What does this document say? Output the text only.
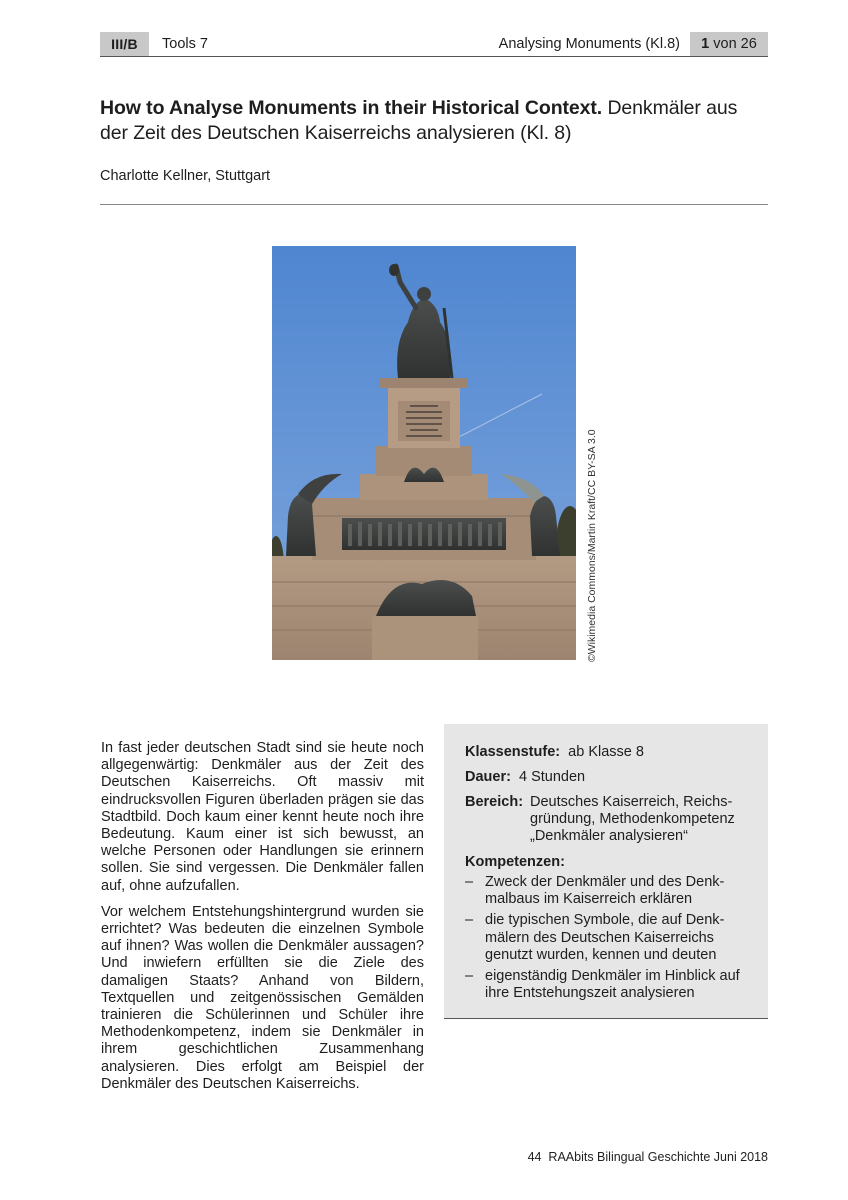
III/B	Tools 7	Analysing Monuments (Kl.8)	1 von 26
How to Analyse Monuments in their Historical Context. Denkmäler aus der Zeit des Deutschen Kaiserreichs analysieren (Kl. 8)
Charlotte Kellner, Stuttgart
©Wikimedia Commons/Martin Kraft/CC BY-SA 3.0

In fast jeder deutschen Stadt sind sie heute noch allgegenwärtig: Denkmäler aus der Zeit des Deutschen Kaiserreichs. Oft massiv mit eindrucksvollen Figuren überladen prägen sie das Stadtbild. Doch kaum einer kennt heute noch ihre Bedeutung. Kaum einer ist sich bewusst, an welche Personen oder Handlungen sie erinnern sollen. Sie sind vergessen. Die Denkmäler fallen auf, ohne aufzufallen.

Vor welchem Entstehungshintergrund wurden sie errichtet? Was bedeuten die einzelnen Symbole auf ihnen? Was wollen die Denkmäler aussagen? Und inwiefern erfüllten sie die Ziele des damaligen Staats? Anhand von Bildern, Textquellen und zeitgenössischen Gemälden trainieren die Schülerinnen und Schüler ihre Methodenkompetenz, indem sie Denkmäler in ihrem geschichtlichen Zusammenhang analysieren. Dies erfolgt am Beispiel der Denkmäler des Deutschen Kaiserreichs.

Klassenstufe: ab Klasse 8
Dauer: 4 Stunden
Bereich: Deutsches Kaiserreich, Reichsgründung, Methodenkompetenz „Denkmäler analysieren“
Kompetenzen:
– Zweck der Denkmäler und des Denkmalbaus im Kaiserreich erklären
– die typischen Symbole, die auf Denkmälern des Deutschen Kaiserreichs genutzt wurden, kennen und deuten
– eigenständig Denkmäler im Hinblick auf ihre Entstehungszeit analysieren
44  RAAbits Bilingual Geschichte Juni 2018
